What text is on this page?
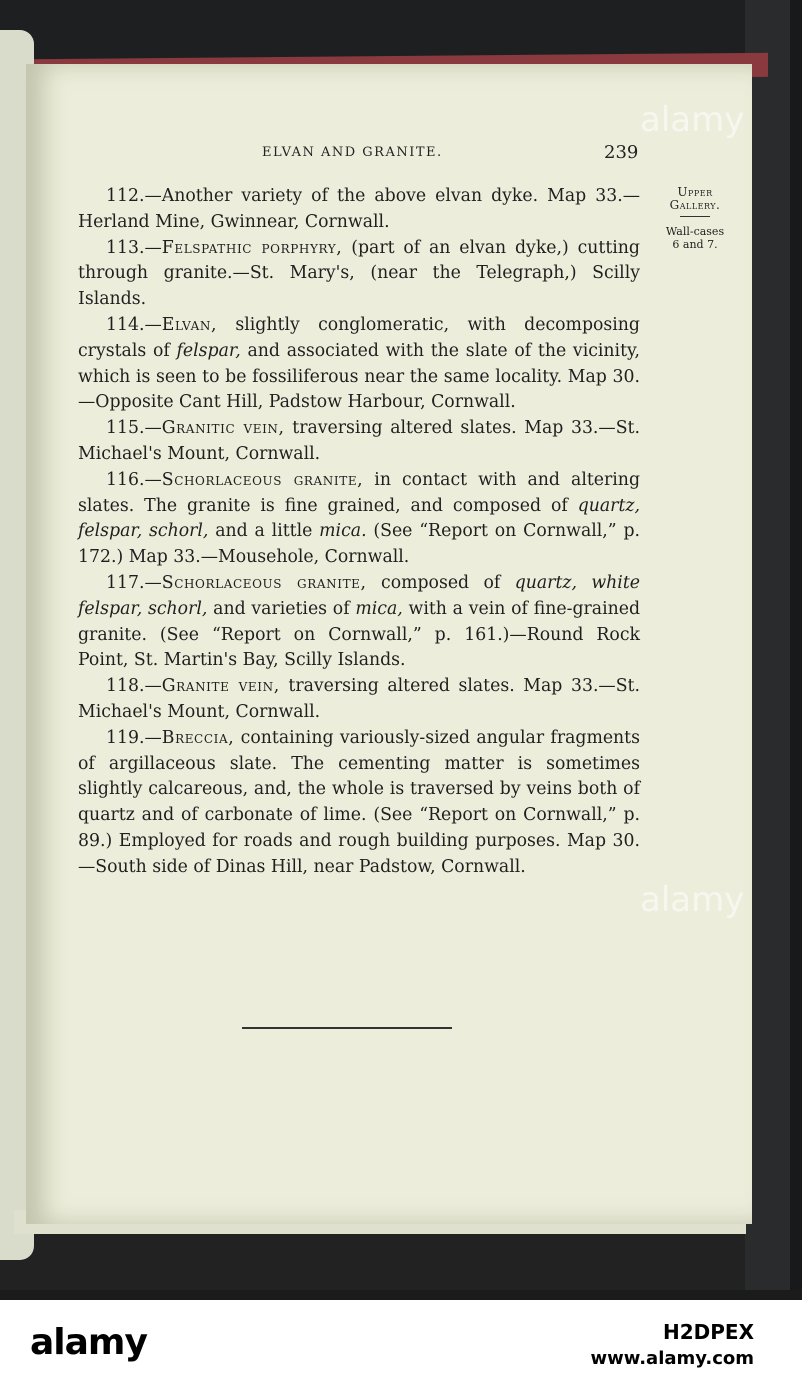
ELVAN AND GRANITE.	239
Upper
Gallery.
Wall-cases
6 and 7.

112.—Another variety of the above elvan dyke. Map 33.—Herland Mine, Gwinnear, Cornwall.

113.—Felspathic porphyry, (part of an elvan dyke,) cutting through granite.—St. Mary's, (near the Telegraph,) Scilly Islands.

114.—Elvan, slightly conglomeratic, with decomposing crystals of felspar, and associated with the slate of the vicinity, which is seen to be fossiliferous near the same locality. Map 30.—Opposite Cant Hill, Padstow Harbour, Cornwall.

115.—Granitic vein, traversing altered slates. Map 33.—St. Michael's Mount, Cornwall.

116.—Schorlaceous granite, in contact with and altering slates. The granite is fine grained, and composed of quartz, felspar, schorl, and a little mica. (See “Report on Cornwall,” p. 172.) Map 33.—Mousehole, Cornwall.

117.—Schorlaceous granite, composed of quartz, white felspar, schorl, and varieties of mica, with a vein of fine-grained granite. (See “Report on Cornwall,” p. 161.)—Round Rock Point, St. Martin's Bay, Scilly Islands.

118.—Granite vein, traversing altered slates. Map 33.—St. Michael's Mount, Cornwall.

119.—Breccia, containing variously-sized angular fragments of argillaceous slate. The cementing matter is sometimes slightly calcareous, and, the whole is traversed by veins both of quartz and of carbonate of lime. (See “Report on Cornwall,” p. 89.) Employed for roads and rough building purposes. Map 30.—South side of Dinas Hill, near Padstow, Cornwall.

alamy
alamy
alamy	H2DPEX
www.alamy.com
